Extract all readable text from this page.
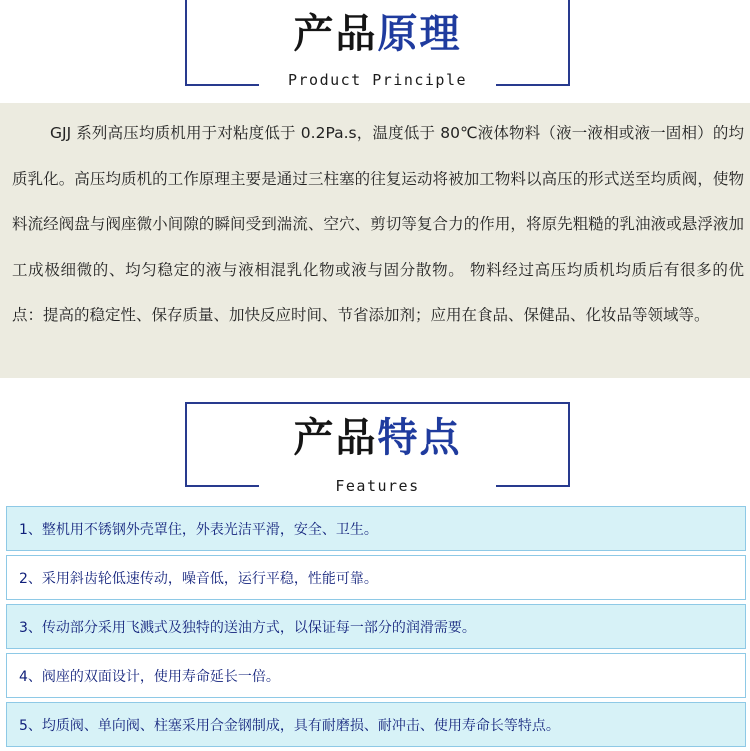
产品原理
Product Principle

GJJ 系列高压均质机用于对粘度低于 0.2Pa.s，温度低于 80℃液体物料（液一液相或液一固相）的均质乳化。高压均质机的工作原理主要是通过三柱塞的往复运动将被加工物料以高压的形式送至均质阀，使物料流经阀盘与阀座微小间隙的瞬间受到湍流、空穴、剪切等复合力的作用，将原先粗糙的乳油液或悬浮液加工成极细微的、均匀稳定的液与液相混乳化物或液与固分散物。 物料经过高压均质机均质后有很多的优点：提高的稳定性、保存质量、加快反应时间、节省添加剂；应用在食品、保健品、化妆品等领域等。

产品特点
Features
1、整机用不锈钢外壳罩住，外表光洁平滑，安全、卫生。
2、采用斜齿轮低速传动，噪音低，运行平稳，性能可靠。
3、传动部分采用飞溅式及独特的送油方式，以保证每一部分的润滑需要。
4、阀座的双面设计，使用寿命延长一倍。
5、均质阀、单向阀、柱塞采用合金钢制成，具有耐磨损、耐冲击、使用寿命长等特点。
